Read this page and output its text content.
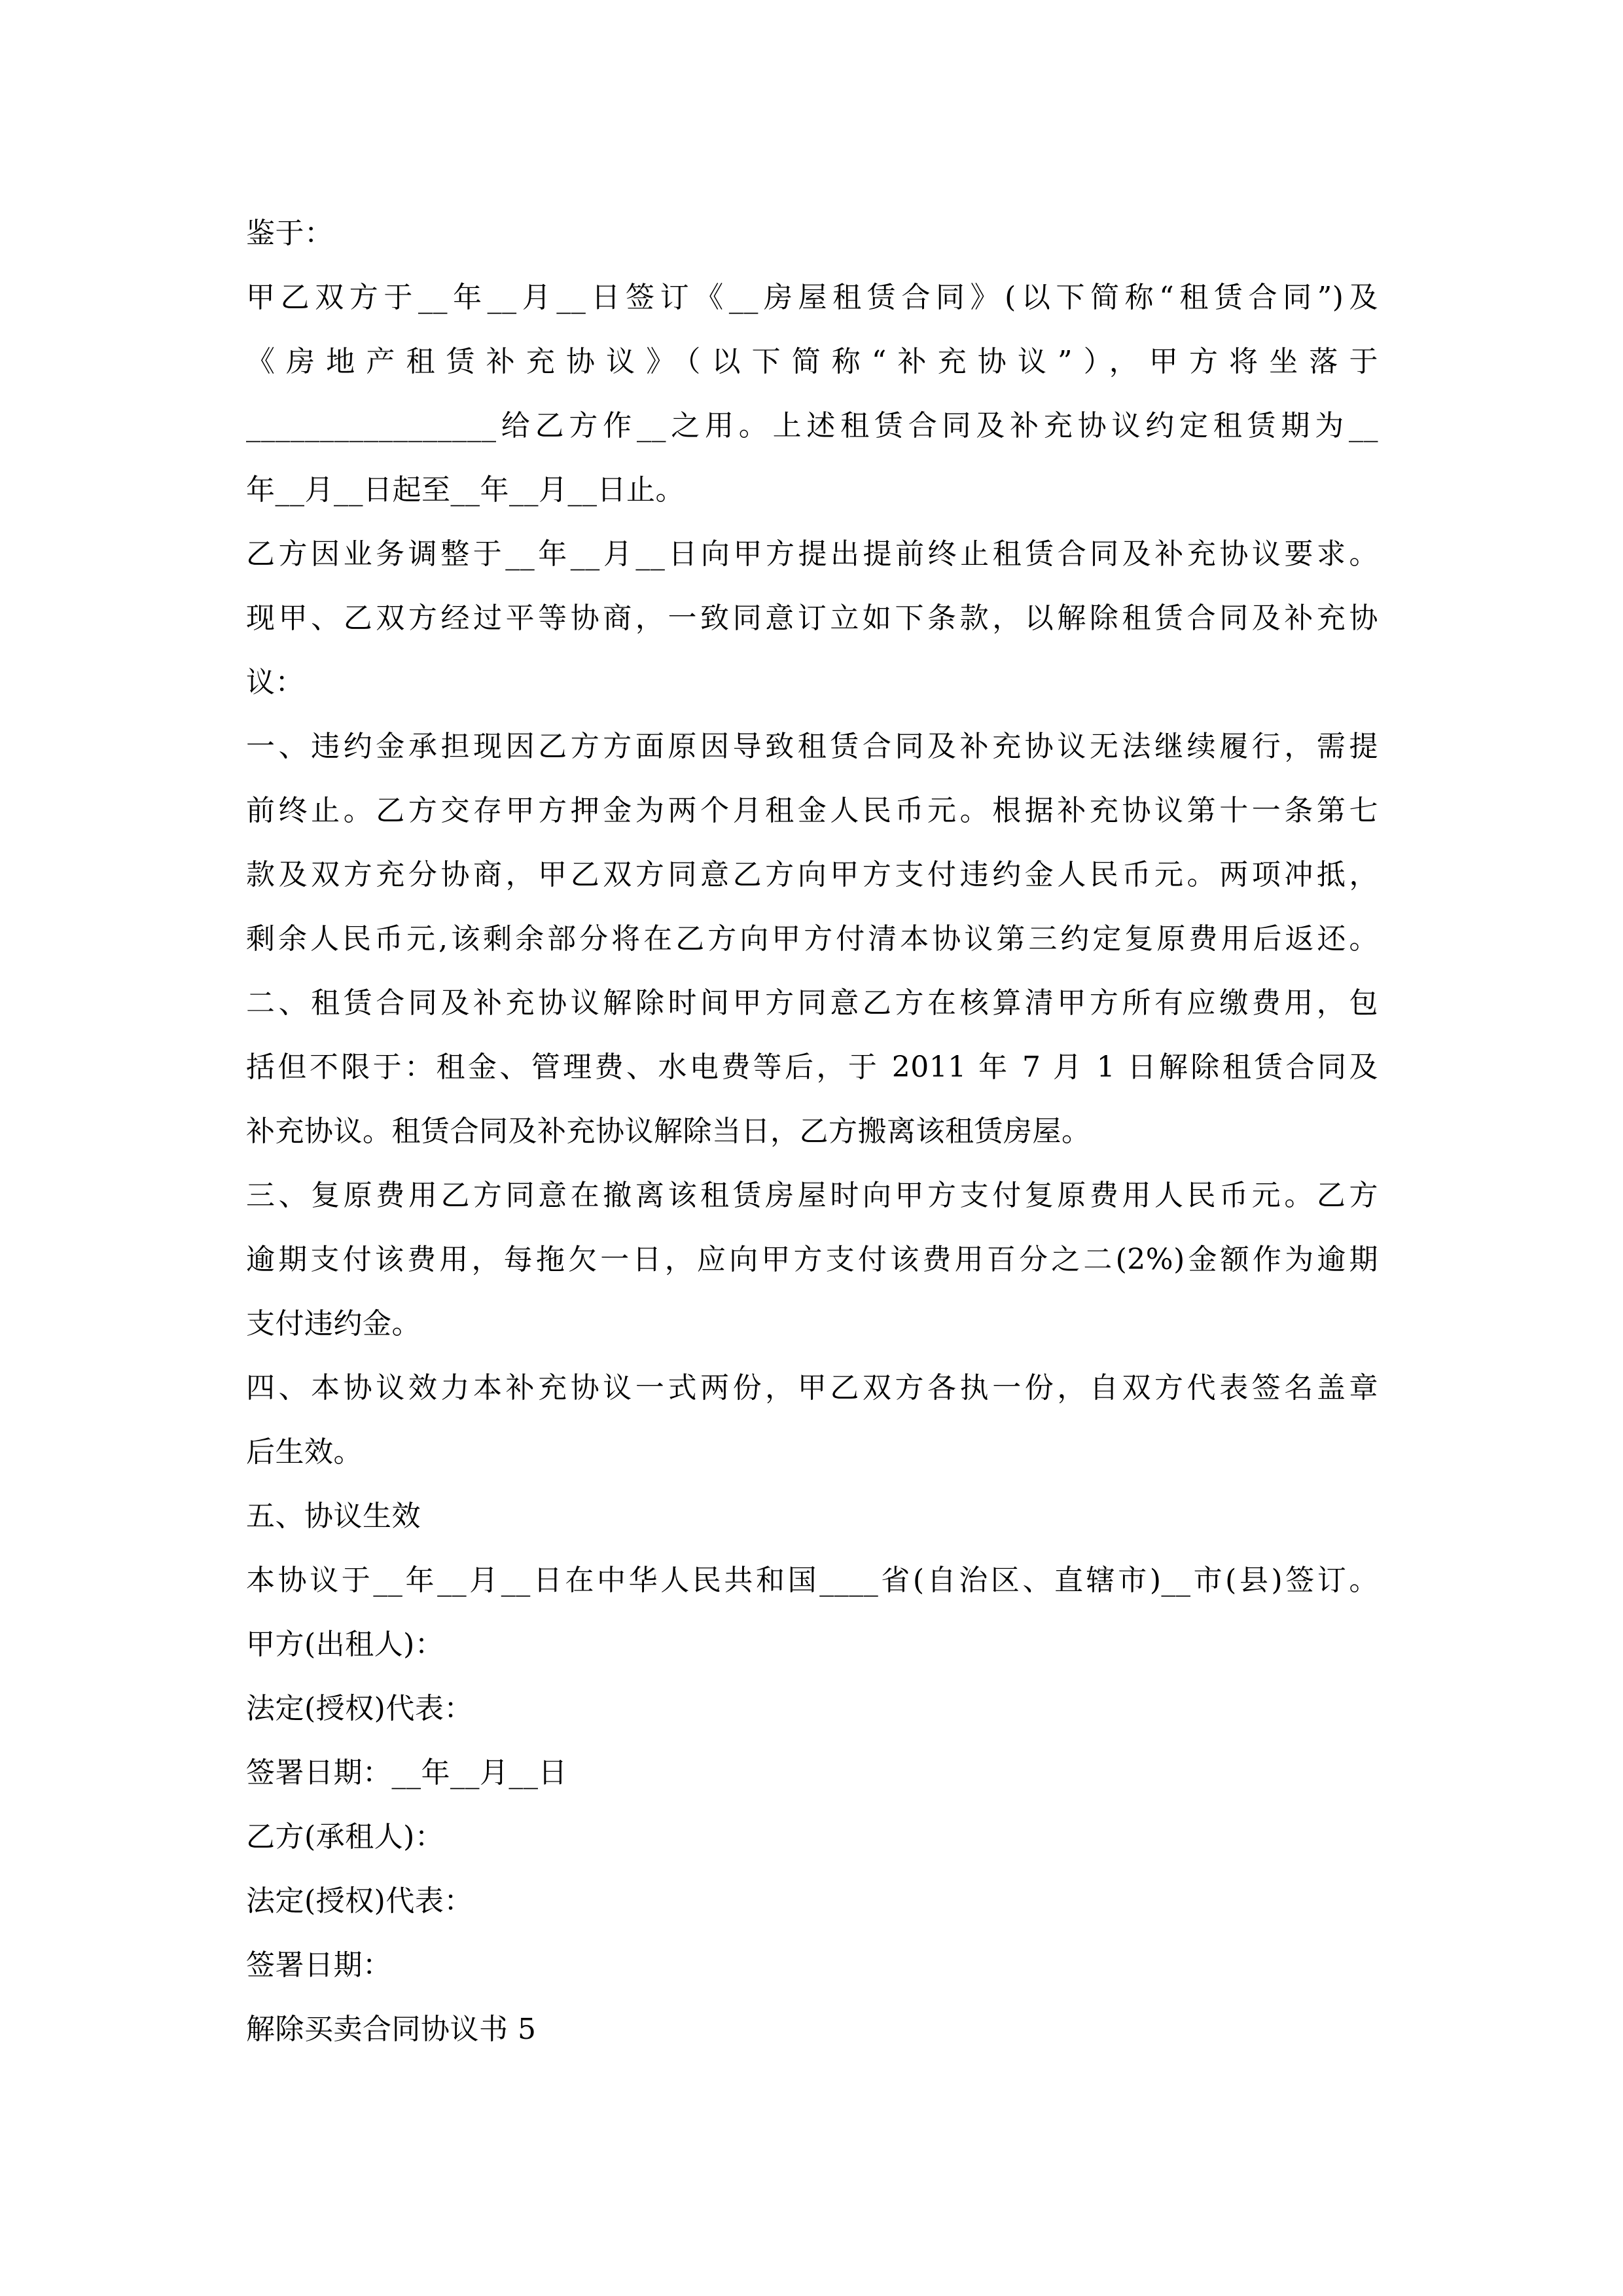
鉴于：
甲乙双方于__年__月__日签订《__房屋租赁合同》(以下简称“租赁合同”)及
《房地产租赁补充协议》（以下简称“补充协议”），甲方将坐落于
_________________给乙方作__之用。上述租赁合同及补充协议约定租赁期为__
年__月__日起至__年__月__日止。
乙方因业务调整于__年__月__日向甲方提出提前终止租赁合同及补充协议要求。
现甲、乙双方经过平等协商，一致同意订立如下条款，以解除租赁合同及补充协
议：
一、违约金承担现因乙方方面原因导致租赁合同及补充协议无法继续履行，需提
前终止。乙方交存甲方押金为两个月租金人民币元。根据补充协议第十一条第七
款及双方充分协商，甲乙双方同意乙方向甲方支付违约金人民币元。两项冲抵，
剩余人民币元,该剩余部分将在乙方向甲方付清本协议第三约定复原费用后返还。
二、租赁合同及补充协议解除时间甲方同意乙方在核算清甲方所有应缴费用，包
括但不限于：租金、管理费、水电费等后，于 2011 年 7 月 1 日解除租赁合同及
补充协议。租赁合同及补充协议解除当日，乙方搬离该租赁房屋。
三、复原费用乙方同意在撤离该租赁房屋时向甲方支付复原费用人民币元。乙方
逾期支付该费用，每拖欠一日，应向甲方支付该费用百分之二(2%)金额作为逾期
支付违约金。
四、本协议效力本补充协议一式两份，甲乙双方各执一份，自双方代表签名盖章
后生效。
五、协议生效
本协议于__年__月__日在中华人民共和国____省(自治区、直辖市)__市(县)签订。
甲方(出租人)：
法定(授权)代表：
签署日期：__年__月__日
乙方(承租人)：
法定(授权)代表：
签署日期：
解除买卖合同协议书 5
